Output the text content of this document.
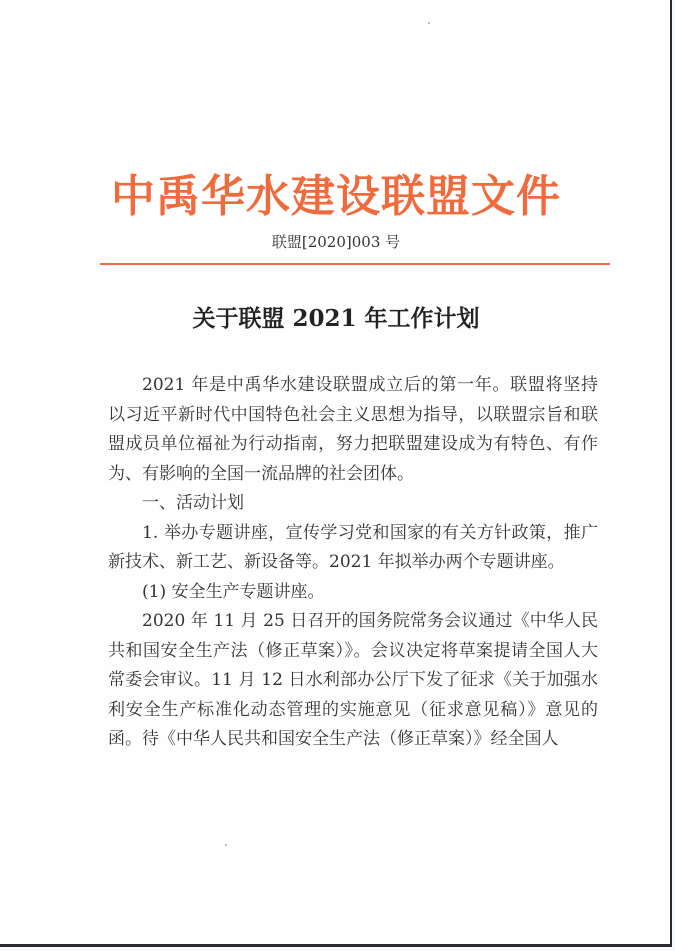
中禹华水建设联盟文件
联盟[2020]003 号
关于联盟 2021 年工作计划

2021 年是中禹华水建设联盟成立后的第一年。联盟将坚持以习近平新时代中国特色社会主义思想为指导，以联盟宗旨和联盟成员单位福祉为行动指南，努力把联盟建设成为有特色、有作为、有影响的全国一流品牌的社会团体。

一、活动计划

1. 举办专题讲座，宣传学习党和国家的有关方针政策，推广新技术、新工艺、新设备等。2021 年拟举办两个专题讲座。

(1) 安全生产专题讲座。

2020 年 11 月 25 日召开的国务院常务会议通过《中华人民共和国安全生产法（修正草案）》。会议决定将草案提请全国人大常委会审议。11 月 12 日水利部办公厅下发了征求《关于加强水利安全生产标准化动态管理的实施意见（征求意见稿）》意见的函。待《中华人民共和国安全生产法（修正草案）》经全国人
